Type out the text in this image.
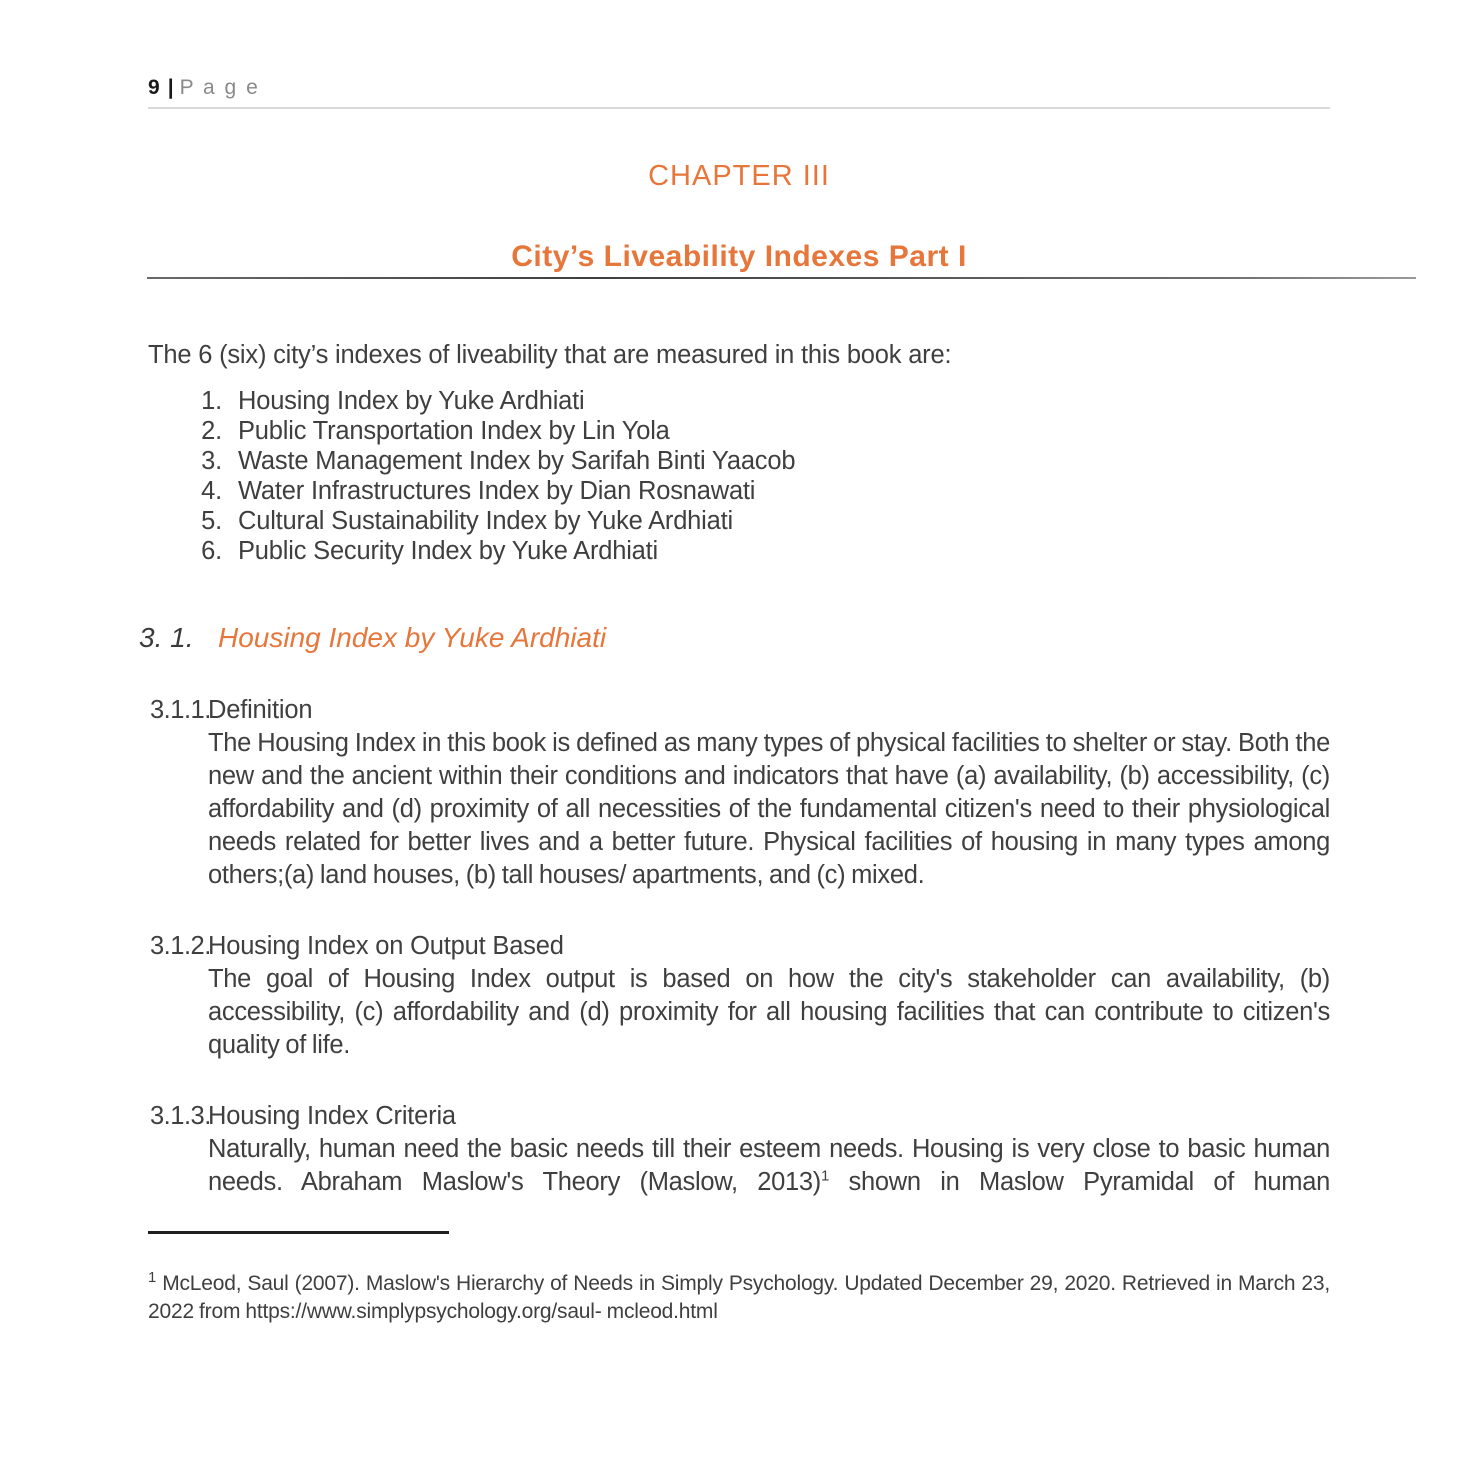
9 | P a g e
CHAPTER III
City’s Liveability Indexes Part I
The 6 (six) city’s indexes of liveability that are measured in this book are:
1. Housing Index by Yuke Ardhiati
2. Public Transportation Index by Lin Yola
3. Waste Management Index by Sarifah Binti Yaacob
4. Water Infrastructures Index by Dian Rosnawati
5. Cultural Sustainability Index by Yuke Ardhiati
6. Public Security Index by Yuke Ardhiati
3. 1. Housing Index by Yuke Ardhiati
3.1.1.
Definition
The Housing Index in this book is defined as many types of physical facilities to shelter or stay. Both the new and the ancient within their conditions and indicators that have (a) availability, (b) accessibility, (c) affordability and (d) proximity of all necessities of the fundamental citizen's need to their physiological needs related for better lives and a better future. Physical facilities of housing in many types among others;(a) land houses, (b) tall houses/ apartments, and (c) mixed.
3.1.2.
Housing Index on Output Based
The goal of Housing Index output is based on how the city's stakeholder can availability, (b) accessibility, (c) affordability and (d) proximity for all housing facilities that can contribute to citizen's quality of life.
3.1.3.
Housing Index Criteria
Naturally, human need the basic needs till their esteem needs. Housing is very close to basic human needs. Abraham Maslow's Theory (Maslow, 2013)$^1$ shown in Maslow Pyramidal of human
$^1$ McLeod, Saul (2007). Maslow's Hierarchy of Needs in Simply Psychology. Updated December 29, 2020. Retrieved in March 23, 2022 from https://www.simplypsychology.org/saul- mcleod.html
